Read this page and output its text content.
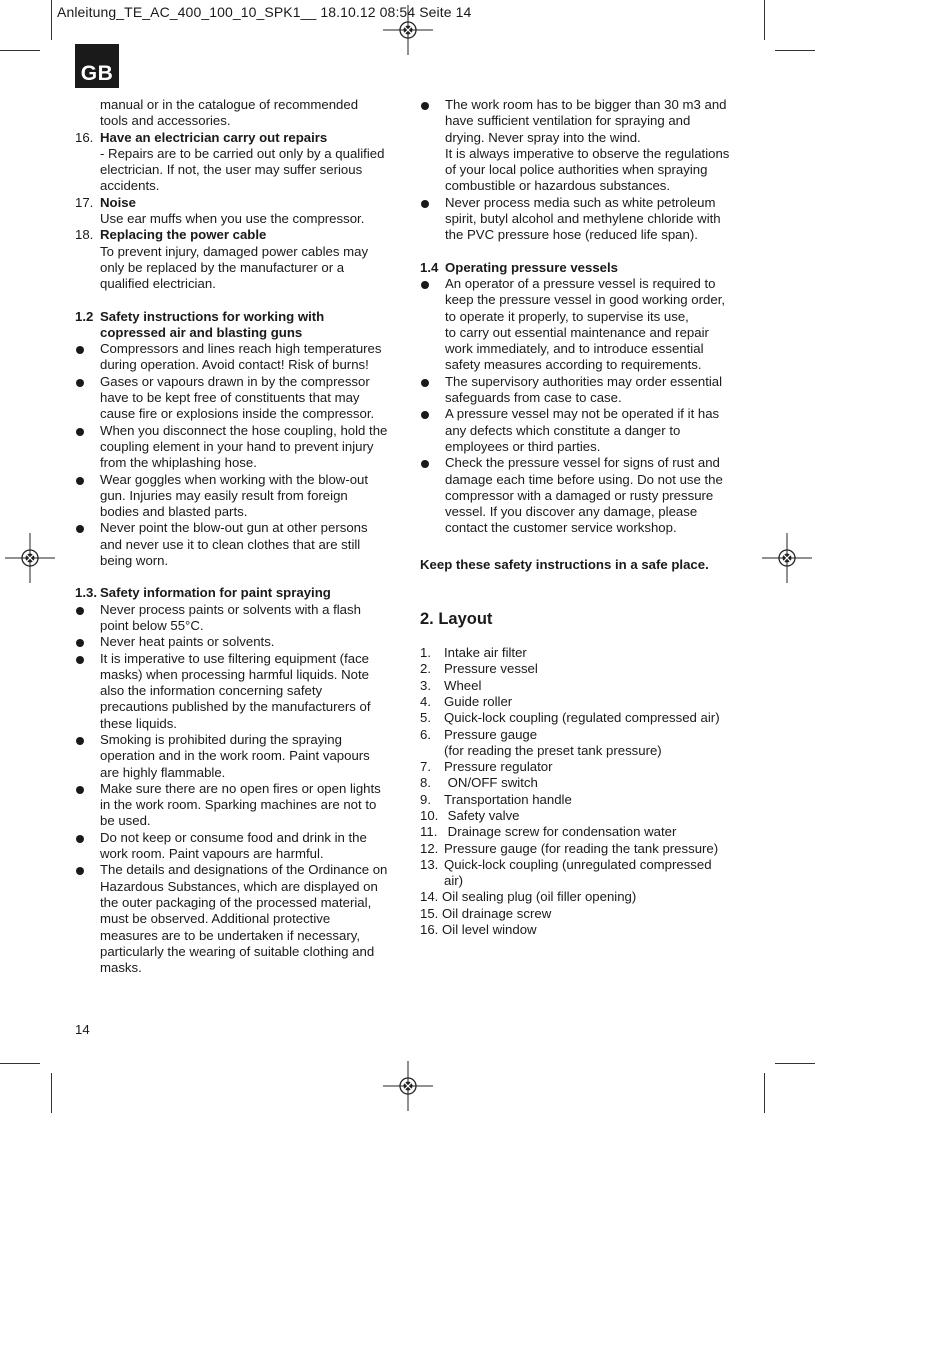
Anleitung_TE_AC_400_100_10_SPK1__ 18.10.12 08:54 Seite 14
GB
manual or in the catalogue of recommended
tools and accessories.
16. Have an electrician carry out repairs
- Repairs are to be carried out only by a qualified
electrician. If not, the user may suffer serious
accidents.
17. Noise
Use ear muffs when you use the compressor.
18. Replacing the power cable
To prevent injury, damaged power cables may
only be replaced by the manufacturer or a
qualified electrician.
1.2 Safety instructions for working with
copressed air and blasting guns
Compressors and lines reach high temperatures
during operation. Avoid contact! Risk of burns!
Gases or vapours drawn in by the compressor
have to be kept free of constituents that may
cause fire or explosions inside the compressor.
When you disconnect the hose coupling, hold the
coupling element in your hand to prevent injury
from the whiplashing hose.
Wear goggles when working with the blow-out
gun. Injuries may easily result from foreign
bodies and blasted parts.
Never point the blow-out gun at other persons
and never use it to clean clothes that are still
being worn.
1.3. Safety information for paint spraying
Never process paints or solvents with a flash
point below 55°C.
Never heat paints or solvents.
It is imperative to use filtering equipment (face
masks) when processing harmful liquids. Note
also the information concerning safety
precautions published by the manufacturers of
these liquids.
Smoking is prohibited during the spraying
operation and in the work room. Paint vapours
are highly flammable.
Make sure there are no open fires or open lights
in the work room. Sparking machines are not to
be used.
Do not keep or consume food and drink in the
work room. Paint vapours are harmful.
The details and designations of the Ordinance on
Hazardous Substances, which are displayed on
the outer packaging of the processed material,
must be observed. Additional protective
measures are to be undertaken if necessary,
particularly the wearing of suitable clothing and
masks.
The work room has to be bigger than 30 m3 and
have sufficient ventilation for spraying and
drying. Never spray into the wind.
It is always imperative to observe the regulations
of your local police authorities when spraying
combustible or hazardous substances.
Never process media such as white petroleum
spirit, butyl alcohol and methylene chloride with
the PVC pressure hose (reduced life span).
1.4 Operating pressure vessels
An operator of a pressure vessel is required to
keep the pressure vessel in good working order,
to operate it properly, to supervise its use,
to carry out essential maintenance and repair
work immediately, and to introduce essential
safety measures according to requirements.
The supervisory authorities may order essential
safeguards from case to case.
A pressure vessel may not be operated if it has
any defects which constitute a danger to
employees or third parties.
Check the pressure vessel for signs of rust and
damage each time before using. Do not use the
compressor with a damaged or rusty pressure
vessel. If you discover any damage, please
contact the customer service workshop.
Keep these safety instructions in a safe place.
2. Layout
1. Intake air filter
2. Pressure vessel
3. Wheel
4. Guide roller
5. Quick-lock coupling (regulated compressed air)
6. Pressure gauge
(for reading the preset tank pressure)
7. Pressure regulator
8. ON/OFF switch
9. Transportation handle
10. Safety valve
11. Drainage screw for condensation water
12. Pressure gauge (for reading the tank pressure)
13. Quick-lock coupling (unregulated compressed
air)
14.
Oil sealing plug (oil filler opening)
15.
Oil drainage screw
16.
Oil level window
14
